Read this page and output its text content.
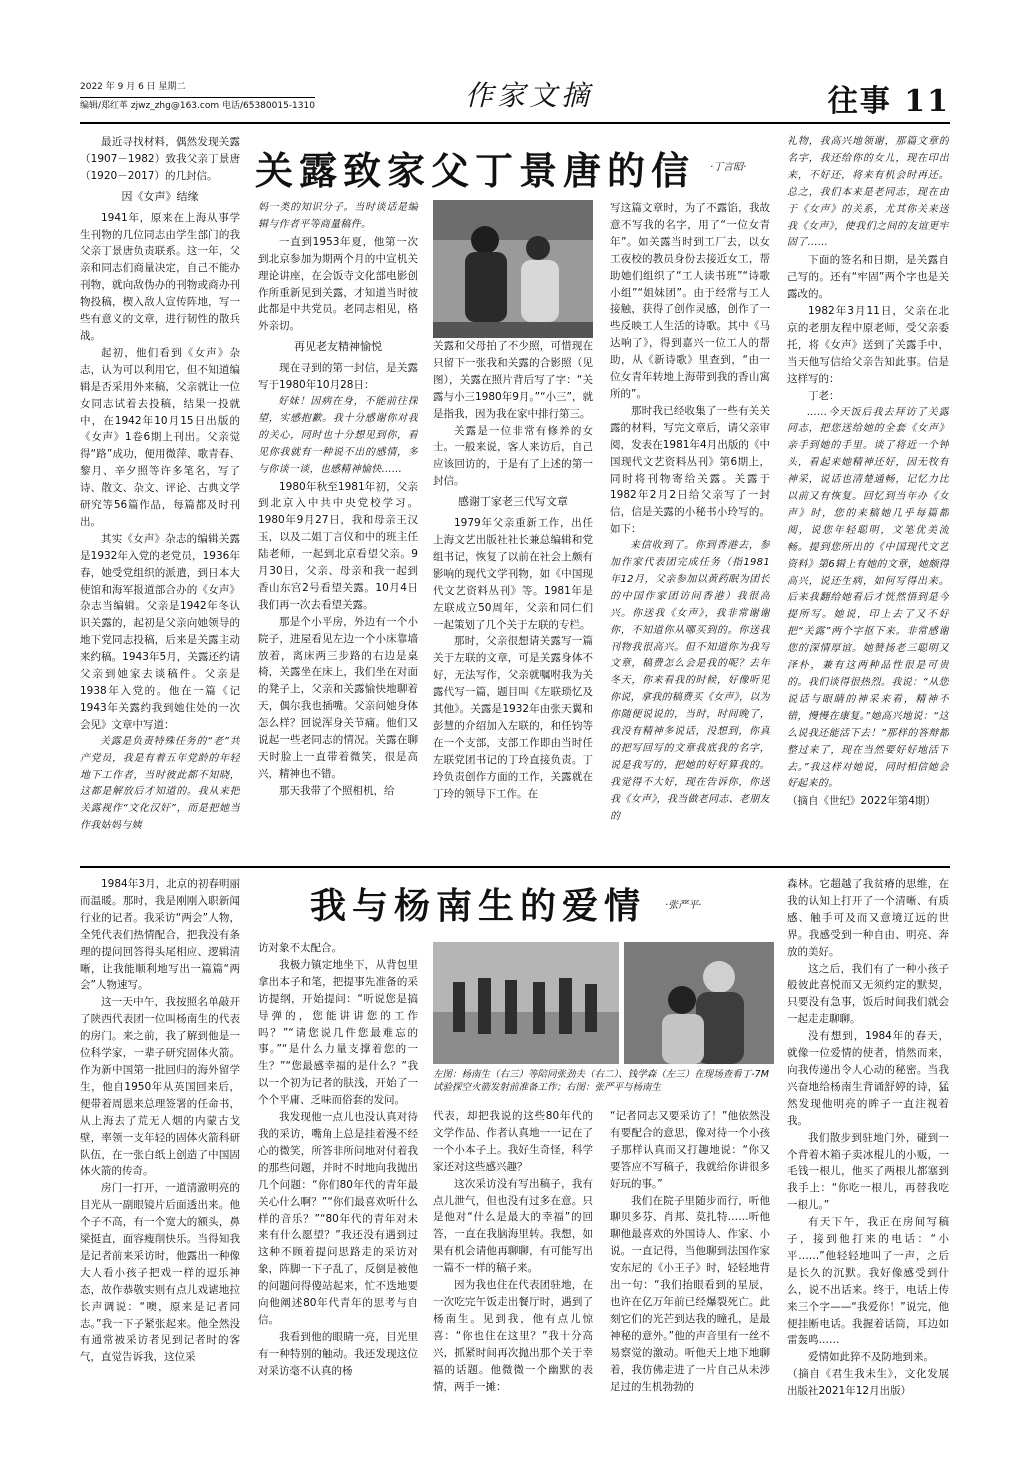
2022 年 9 月 6 日 星期二
编辑/郑红革 zjwz_zhg@163.com 电话/65380015-1310	作家文摘	往事 11
关露致家父丁景唐的信 ·丁言昭·

最近寻找材料，偶然发现关露（1907－1982）致我父亲丁景唐（1920－2017）的几封信。

因《女声》结缘

1941年，原来在上海从事学生刊物的几位同志由学生部门的我父亲丁景唐负责联系。这一年，父亲和同志们商量决定，自己不能办刊物，就向敌伪办的刊物或商办刊物投稿，楔入敌人宣传阵地，写一些有意义的文章，进行韧性的散兵战。

起初，他们看到《女声》杂志，认为可以利用它，但不知道编辑是否采用外来稿，父亲就让一位女同志试着去投稿，结果一投就中，在1942年10月15日出版的《女声》1卷6期上刊出。父亲觉得“路”成功，便用微萍、歌青春、黎月、辛夕照等许多笔名，写了诗、散文、杂文、评论、古典文学研究等56篇作品，每篇都及时刊出。

其实《女声》杂志的编辑关露是1932年入党的老党员，1936年春，她受党组织的派遣，到日本大使馆和海军报道部合办的《女声》杂志当编辑。父亲是1942年冬认识关露的，起初是父亲向她领导的地下党同志投稿，后来是关露主动来约稿。1943年5月，关露还约请父亲到她家去谈稿件。父亲是1938年入党的。他在一篇《记1943年关露约我到她住处的一次会见》文章中写道：

关露是负责特殊任务的“老”共产党员，我是有着五年党龄的年轻地下工作者，当时彼此都不知晓，这都是解放后才知道的。我从来把关露视作“文化汉奸”，而是把她当作我姑妈与姨

妈一类的知识分子。当时谈话是编辑与作者平等商量稿件。

一直到1953年夏，他第一次到北京参加为期两个月的中宣机关理论讲座，在会饭寺文化部电影创作所重新见到关露，才知道当时彼此都是中共党员。老同志相见，格外亲切。

再见老友精神愉悦

现在寻到的第一封信，是关露写于1980年10月28日：

好妹！因病在身，不能前往探望，实感抱歉。我十分感谢你对我的关心，同时也十分想见到你，看见你我就有一种说不出的感情，多与你谈一谈，也感精神愉快……

1980年秋至1981年初，父亲到北京入中共中央党校学习。1980年9月27日，我和母亲王汉玉，以及二姐丁言仪和中的班主任陆老师，一起到北京看望父亲。9月30日，父亲、母亲和我一起到香山东宫2号看望关露。10月4日我们再一次去看望关露。

那是个小平房，外边有一个小院子，进屋看见左边一个小床靠墙放着，离床两三步路的右边是桌椅，关露坐在床上，我们坐在对面的凳子上，父亲和关露愉快地聊着天，偶尔我也插嘴。父亲问她身体怎么样？回说浑身关节痛。他们又说起一些老同志的情况。关露在聊天时脸上一直带着微笑，很是高兴，精神也不错。

那天我带了个照相机，给

关露和父母拍了不少照，可惜现在只留下一张我和关露的合影照（见图），关露在照片背后写了字：“关露与小三1980年9月。”“小三”，就是指我，因为我在家中排行第三。

关露是一位非常有修养的女士。一般来说，客人来访后，自己应该回访的，于是有了上述的第一封信。

感谢丁家老三代写文章

1979年父亲重新工作，出任上海文艺出版社社长兼总编辑和党组书记，恢复了以前在社会上颇有影响的现代文学刊物，如《中国现代文艺资料丛刊》等。1981年是左联成立50周年，父亲和同仁们一起策划了几个关于左联的专栏。

那时，父亲很想请关露写一篇关于左联的文章，可是关露身体不好，无法写作，父亲就嘱咐我为关露代写一篇，题目叫《左联琐忆及其他》。关露是1932年由张天翼和彭慧的介绍加入左联的，和任钧等在一个支部，支部工作即由当时任左联党团书记的丁玲直接负责。丁玲负责创作方面的工作，关露就在丁玲的领导下工作。在

写这篇文章时，为了不露馅，我故意不写我的名字，用了“一位女青年”。如关露当时到工厂去，以女工夜校的教员身份去接近女工，帮助她们组织了“工人读书班”“诗歌小组”“姐妹团”。由于经常与工人接触，获得了创作灵感，创作了一些反映工人生活的诗歌。其中《马达响了》，得到嘉兴一位工人的帮助，从《新诗歌》里查到，“由一位女青年转地上海带到我的香山寓所的”。

那时我已经收集了一些有关关露的材料，写完文章后，请父亲审阅，发表在1981年4月出版的《中国现代文艺资料丛刊》第6期上，同时将刊物寄给关露。关露于1982年2月2日给父亲写了一封信，信是关露的小秘书小玲写的。如下：

来信收到了。你到香港去，参加作家代表团完成任务（指1981年12月，父亲参加以黄药眠为团长的中国作家团访问香港）我很高兴。你送我《女声》，我非常谢谢你，不知道你从哪买到的。你送我刊物我很高兴。但不知道你为我写文章，稿费怎么会是我的呢？去年冬天，你来看我的时候，好像听见你说，拿我的稿费买《女声》，以为你随便说说的，当时，时间晚了，我没有精神多说话，没想到，你真的把写回写的文章我底我的名字，说是我写的，把她的好好算我的。我觉得不大好，现在告诉你，你送我《女声》，我当做老同志、老朋友的

礼物，我高兴地领谢，那篇文章的名字，我还给你的女儿，现在印出来，不好还，将来有机会时再还。总之，我们本来是老同志，现在由于《女声》的关系，尤其你关来送我《女声》，使我们之间的友谊更牢固了……

下面的签名和日期，是关露自己写的。还有“牢固”两个字也是关露改的。

1982年3月11日，父亲在北京的老朋友程中原老师，受父亲委托，将《女声》送到了关露手中，当天他写信给父亲告知此事。信是这样写的：

丁老：

……今天饭后我去拜访了关露同志，把您送给她的全套《女声》亲手到她的手里。谈了将近一个钟头，看起来她精神还好，因无牧有神采，说话也清楚通畅，记忆力比以前又有恢复。回忆到当年办《女声》时，您的来稿她几乎每篇都阅，说您年轻聪明，文笔优美流畅。提到您所出的《中国现代文艺资料》第6辑上有她的文章，她颇得高兴，说还生病，如何写得出来。后来我翻给她看后才恍然悟到是今提所写。她说，印上去了又不好把“关露”两个字抠下来。非常感谢您的深情厚谊。她赞扬老三聪明又泽朴，兼有这两种品性很是可贵的。我们谈得很热烈。我说：“从您说话与眼睛的神采来看，精神不错，慢慢在康复。”她高兴地说：“这么说我还能活下去！”那样的答辩都整过来了，现在当然要好好地活下去。”我这样对她说，同时相信她会好起来的。

（摘自《世纪》2022年第4期）

我与杨南生的爱情 ·张严平·

1984年3月，北京的初春明丽而温暖。那时，我是刚刚入职新闻行业的记者。我采访“两会”人物，全凭代表们热情配合，把我没有条理的提问回答得头尾相应、逻辑清晰，让我能顺利地写出一篇篇“两会”人物速写。

这一天中午，我按照名单敲开了陕西代表团一位叫杨南生的代表的房门。来之前，我了解到他是一位科学家，一辈子研究固体火箭。作为新中国第一批回归的海外留学生，他自1950年从英国回来后，便带着周恩来总理签署的任命书，从上海去了荒无人烟的内蒙古戈壁，率领一支年轻的固体火箭科研队伍，在一张白纸上创造了中国固体火箭的传奇。

房门一打开，一道清澈明亮的目光从一副眼镜片后面透出来。他个子不高，有一个宽大的额头，鼻梁挺直，面容瘦削快乐。当得知我是记者前来采访时，他露出一种像大人看小孩子把戏一样的逗乐神态，故作恭敬实则有点儿戏谑地拉长声调说：“噢，原来是记者同志。”我一下子紧张起来。他全然没有通常被采访者见到记者时的客气，直觉告诉我，这位采

访对象不太配合。

我极力镇定地坐下，从背包里拿出本子和笔，把提事先准备的采访提纲，开始提问：“听说您是搞导弹的，您能讲讲您的工作吗？”“请您说几件您最难忘的事。”“是什么力量支撑着您的一生？”“您最感幸福的是什么？”我以一个初为记者的肤浅，开始了一个个平庸、乏味而俗套的发问。

我发现他一点儿也没认真对待我的采访，嘴角上总是挂着漫不经心的微笑，所答非所问地对付着我的那些问题，并时不时地向我抛出几个问题：“你们80年代的青年最关心什么啊？”“你们最喜欢听什么样的音乐？”“80年代的青年对未来有什么愿望？”我还没有遇到过这种不顾着提问思路走的采访对象，阵脚一下子乱了，反倒是被他的问题问得傻站起来，忙不迭地要向他阐述80年代青年的思考与自信。

我看到他的眼睛一亮，目光里有一种特别的触动。我还发现这位对采访毫不认真的杨

左图：杨南生（右三）等陪同张劲夫（右二）、钱学森（左三）在现场查看丁-7M试验探空火箭发射前准备工作；右图：张严平与杨南生

代表，却把我说的这些80年代的文学作品、作者认真地一一记在了一个小本子上。我好生奇怪，科学家还对这些感兴趣？

这次采访没有写出稿子，我有点儿泄气，但也没有过多在意。只是他对“什么是最大的幸福”的回答，一直在我脑海里转。我想，如果有机会请他再聊聊，有可能写出一篇不一样的稿子来。

因为我也住在代表团驻地，在一次吃完午饭走出餐厅时，遇到了杨南生。见到我，他有点儿惊喜：“你也住在这里？”我十分高兴，抓紧时间再次抛出那个关于幸福的话题。他微微一个幽默的表情，两手一摊：

“记者同志又要采访了！”他依然没有要配合的意思，像对待一个小孩子那样认真而又打趣地说：“你又要答应不写稿子，我就给你讲很多好玩的事。”

我们在院子里随步而行，听他聊贝多芬、肖邦、莫扎特……听他聊他最喜欢的外国诗人、作家、小说。一直记得，当他聊到法国作家安东尼的《小王子》时，轻轻地背出一句：“我们抬眼看到的星辰，也许在亿万年前已经爆裂死亡。此刻它们的光芒到达我的瞳孔，是最神秘的意外。”他的声音里有一丝不易察觉的激动。听他天上地下地聊着，我仿佛走进了一片自己从未涉足过的生机勃勃的

森林。它超越了我贫瘠的思维，在我的认知上打开了一个清晰、有质感、触手可及而又意境辽远的世界。我感受到一种自由、明亮、奔放的美好。

这之后，我们有了一种小孩子般彼此喜悦而又无须约定的默契，只要没有急事，饭后时间我们就会一起走走聊聊。

没有想到，1984年的春天，就像一位爱情的使者，悄然而来，向我传递出令人心动的秘密。当我兴奋地给杨南生背诵舒婷的诗，猛然发现他明亮的眸子一直注视着我。

我们散步到驻地门外，碰到一个背着木箱子卖冰棍儿的小贩，一毛钱一根儿，他买了两根儿都塞到我手上：“你吃一根儿，再替我吃一根儿。”

有天下午，我正在房间写稿子，接到他打来的电话：“小平……”他轻轻地叫了一声，之后是长久的沉默。我好像感受到什么，说不出话来。终于，电话上传来三个字——“我爱你！”说完，他便挂断电话。我握着话筒，耳边如雷轰鸣……

爱情如此猝不及防地到来。

（摘自《君生我未生》，文化发展出版社2021年12月出版）
